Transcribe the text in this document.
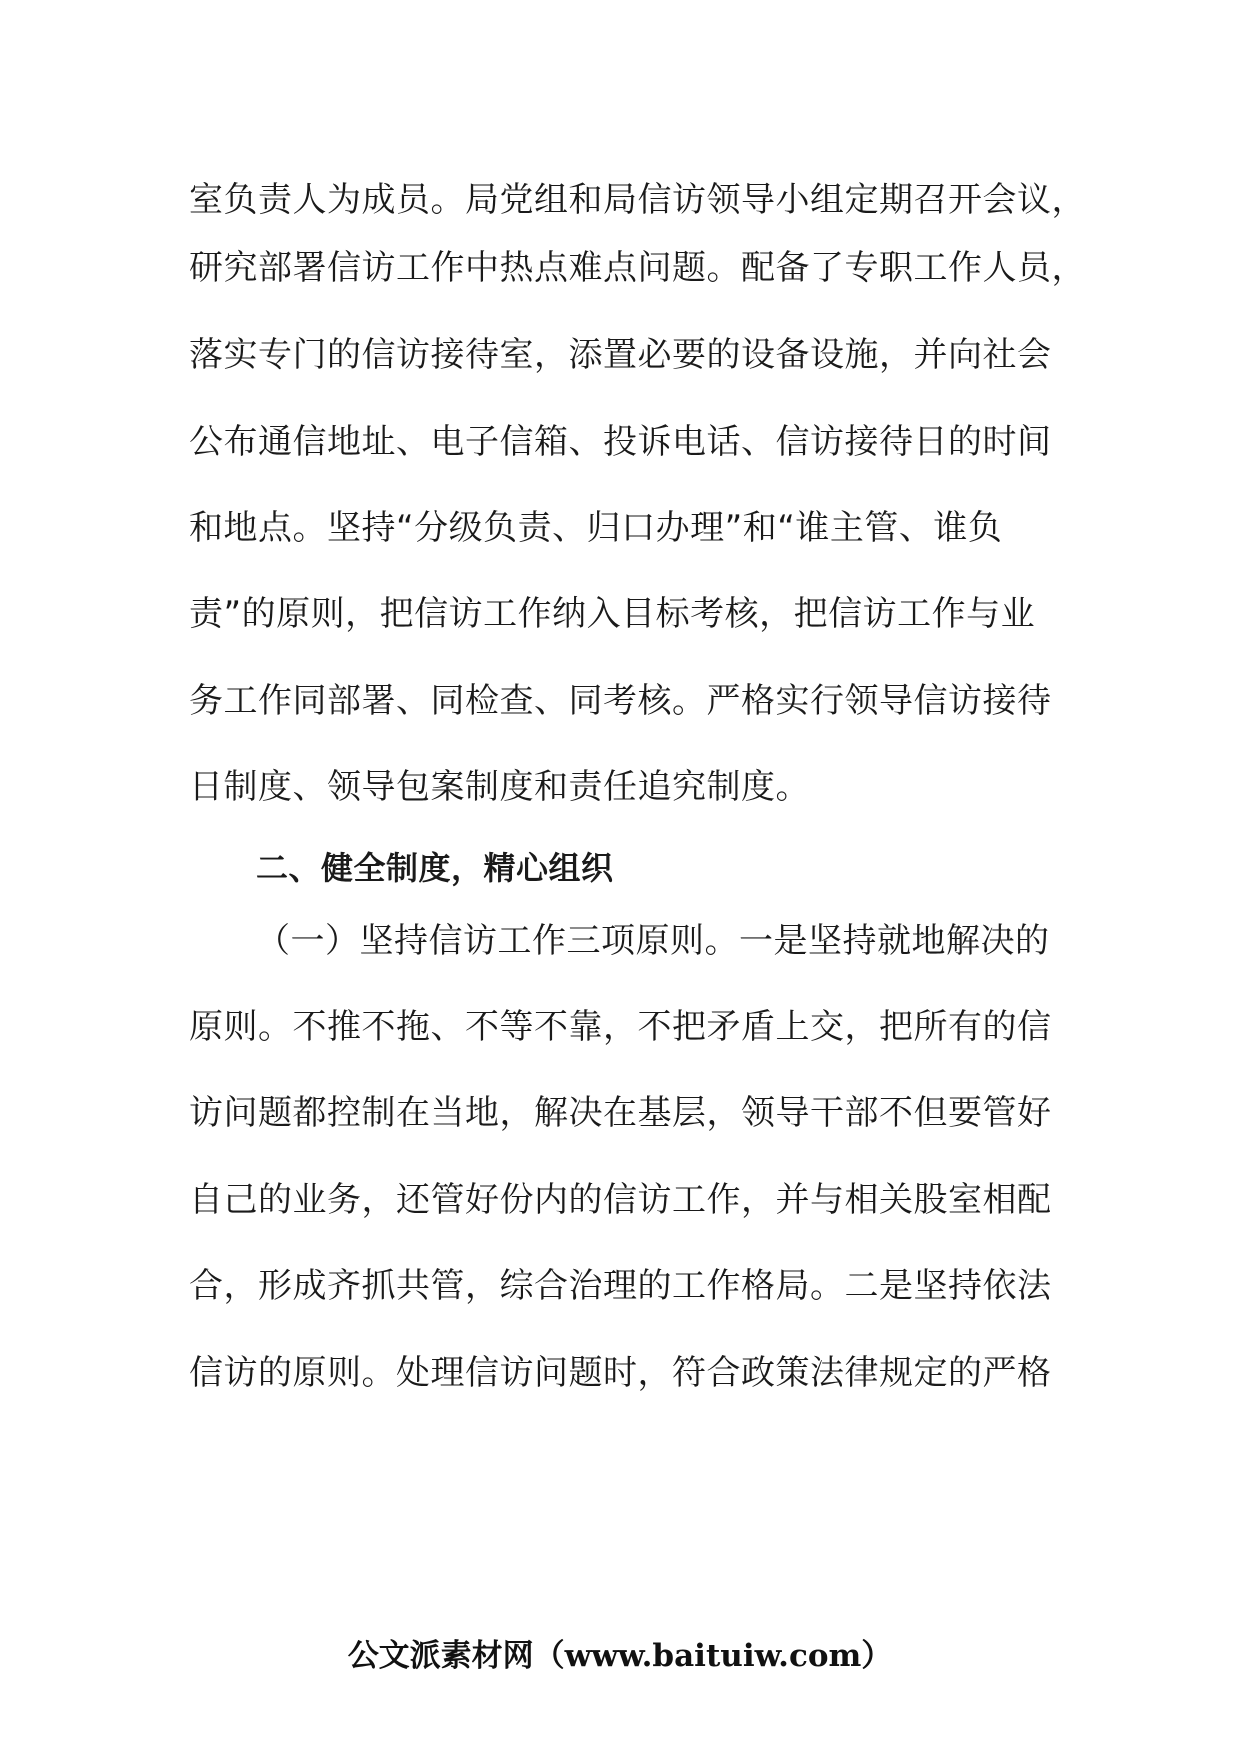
室负责人为成员。局党组和局信访领导小组定期召开会议，
研究部署信访工作中热点难点问题。配备了专职工作人员，
落实专门的信访接待室，添置必要的设备设施，并向社会
公布通信地址、电子信箱、投诉电话、信访接待日的时间
和地点。坚持“分级负责、归口办理”和“谁主管、谁负
责”的原则，把信访工作纳入目标考核，把信访工作与业
务工作同部署、同检查、同考核。严格实行领导信访接待
日制度、领导包案制度和责任追究制度。
二、健全制度，精心组织
（一）坚持信访工作三项原则。一是坚持就地解决的
原则。不推不拖、不等不靠，不把矛盾上交，把所有的信
访问题都控制在当地，解决在基层，领导干部不但要管好
自己的业务，还管好份内的信访工作，并与相关股室相配
合，形成齐抓共管，综合治理的工作格局。二是坚持依法
信访的原则。处理信访问题时，符合政策法律规定的严格
公文派素材网（www.baituiw.com）
